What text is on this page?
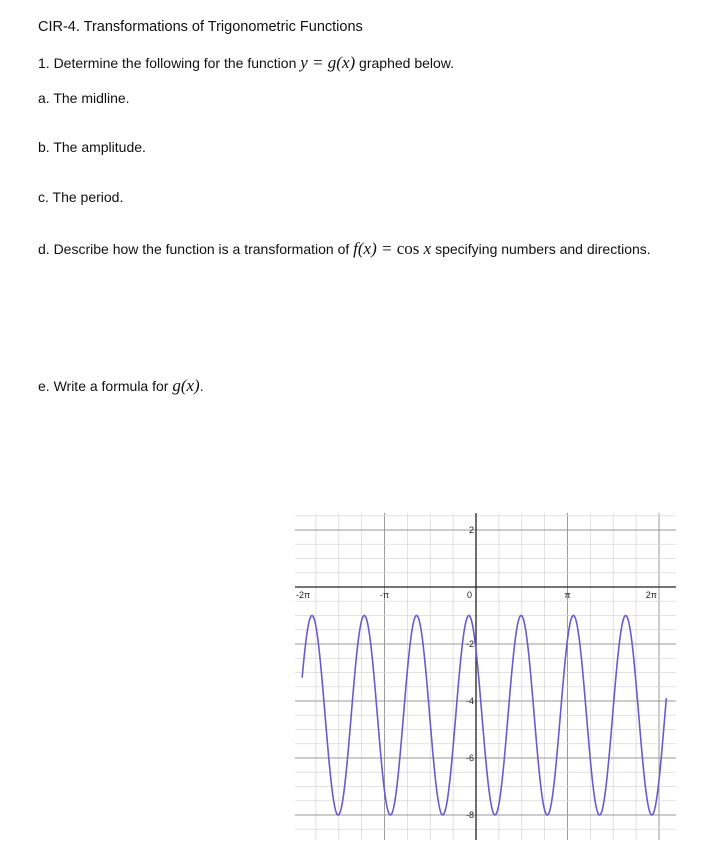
CIR-4. Transformations of Trigonometric Functions
1. Determine the following for the function y = g(x) graphed below.
a. The midline.
b. The amplitude.
c. The period.
d. Describe how the function is a transformation of f(x) = cos x specifying numbers and directions.
e. Write a formula for g(x).
-2π	-π	0	π	2π
2
-2
-4
-6
-8
